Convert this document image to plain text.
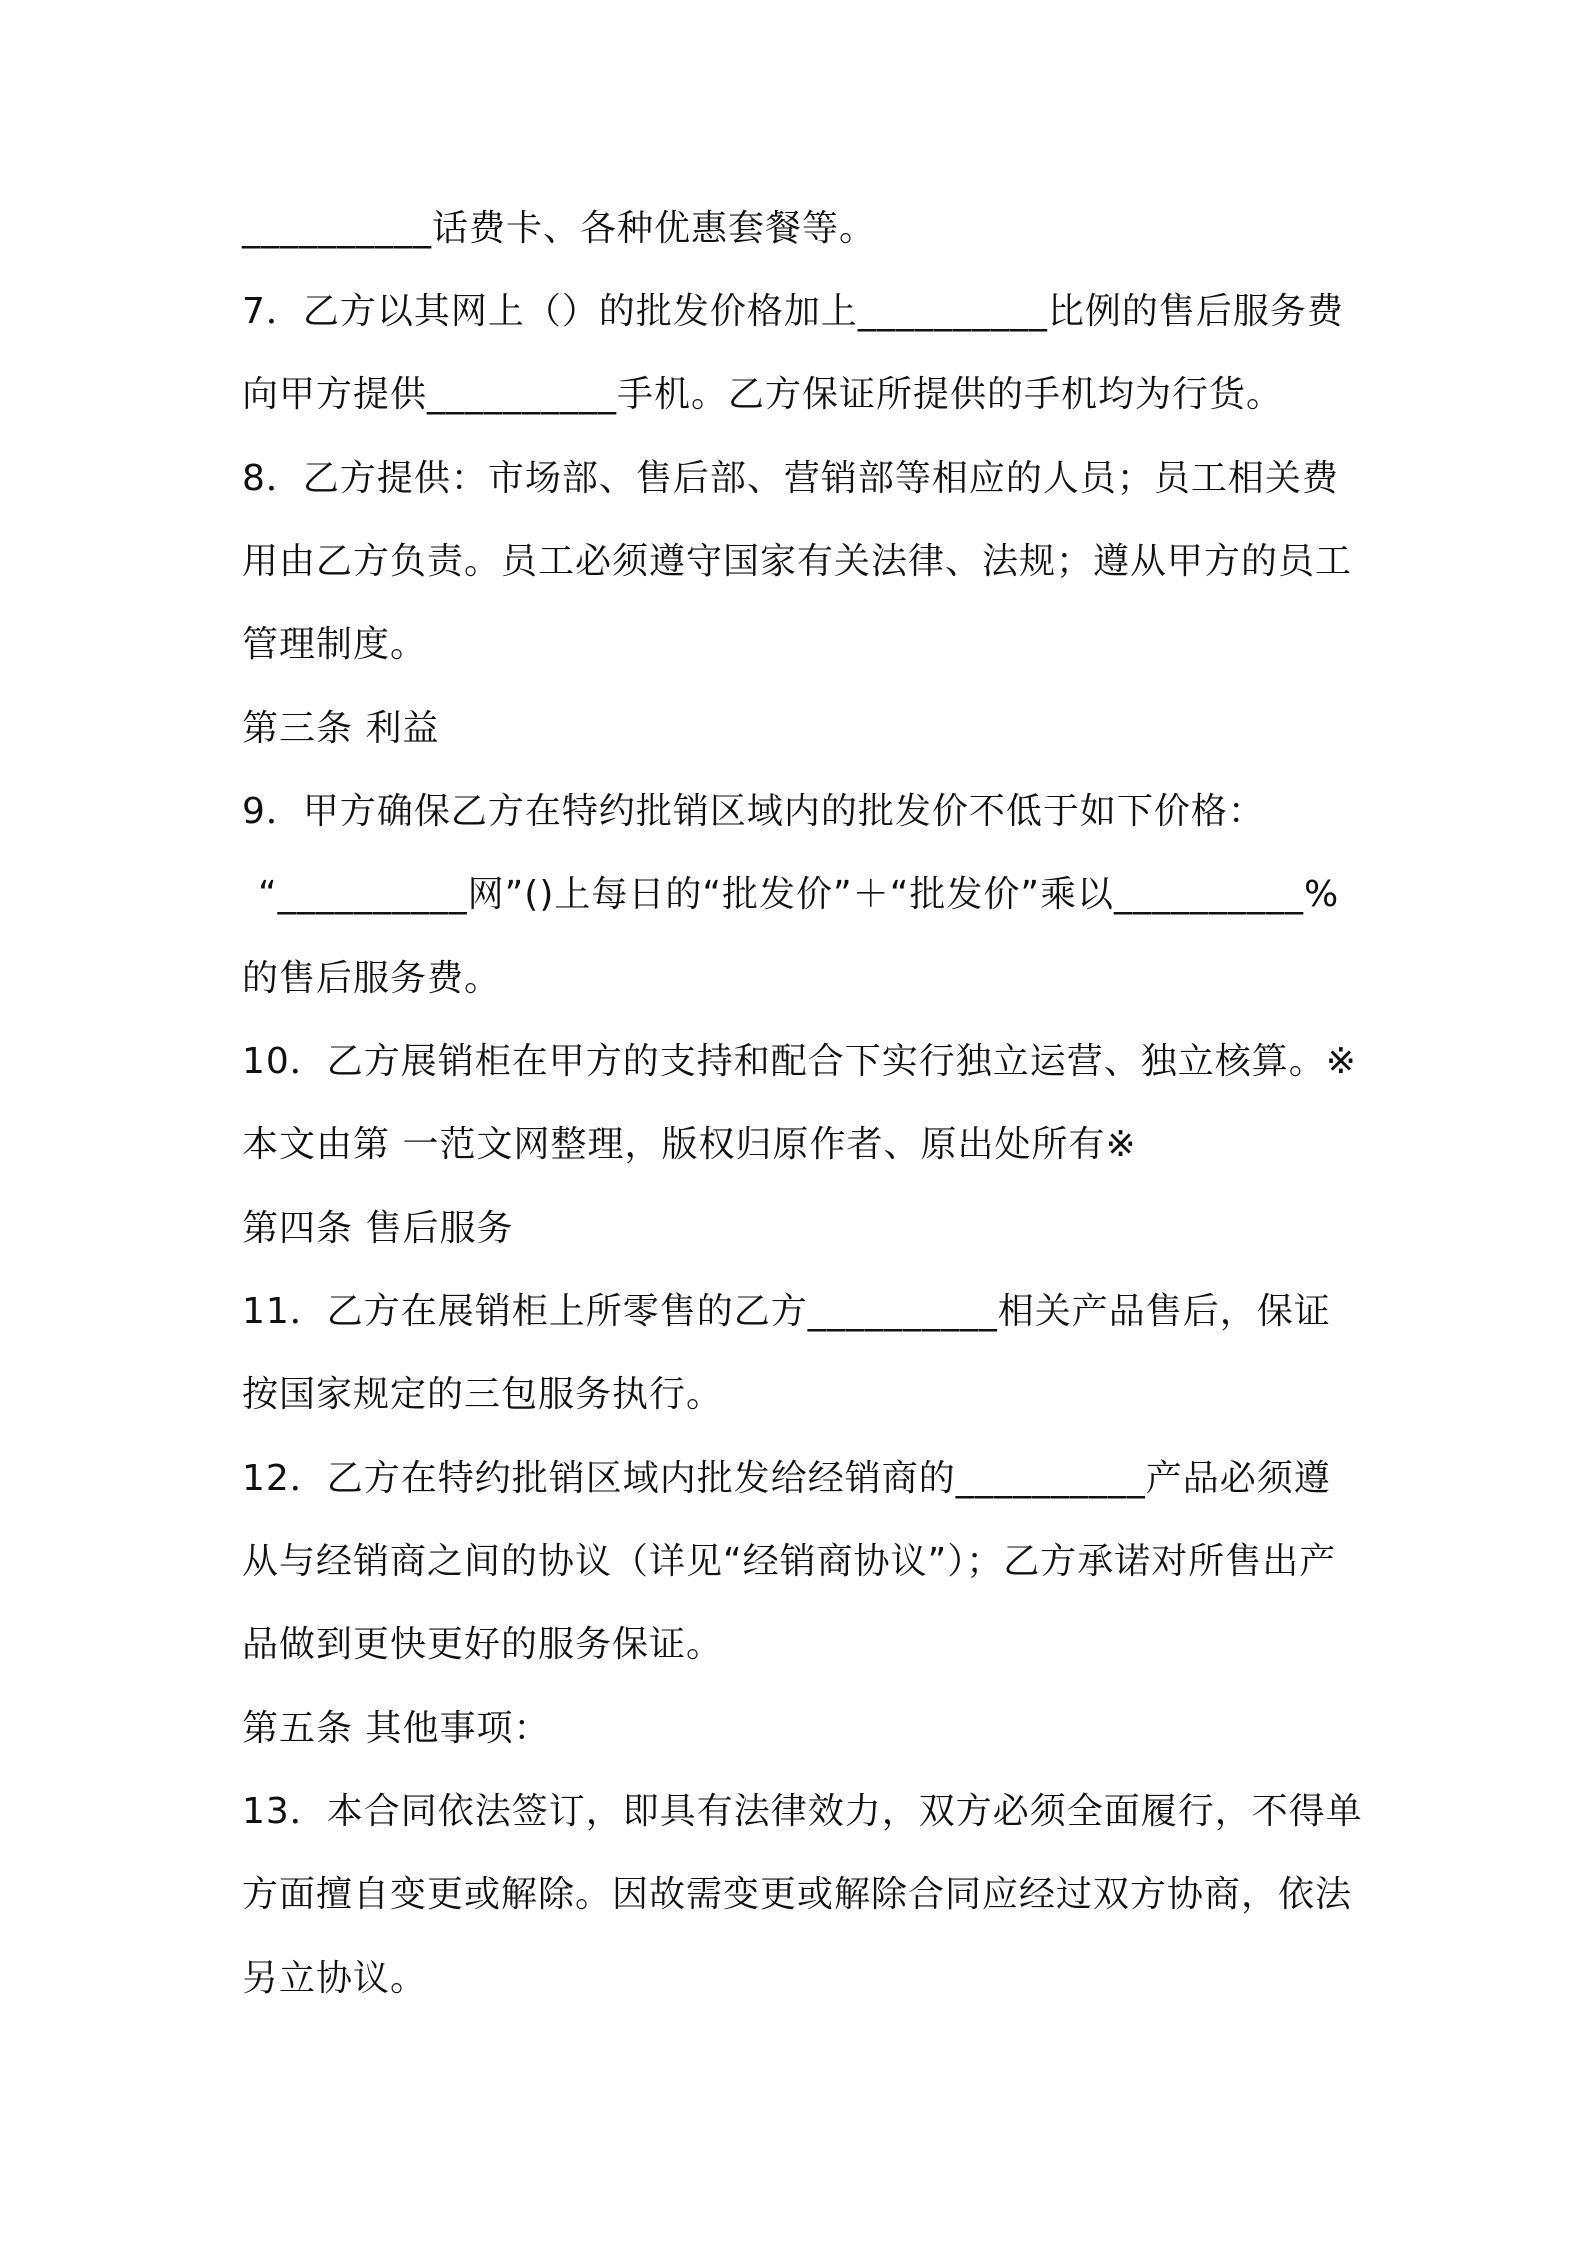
__________话费卡、各种优惠套餐等。
7．乙方以其网上（）的批发价格加上__________比例的售后服务费
向甲方提供__________手机。乙方保证所提供的手机均为行货。
8．乙方提供：市场部、售后部、营销部等相应的人员；员工相关费
用由乙方负责。员工必须遵守国家有关法律、法规；遵从甲方的员工
管理制度。
第三条 利益
9．甲方确保乙方在特约批销区域内的批发价不低于如下价格：
“__________网”()上每日的“批发价”＋“批发价”乘以__________%
的售后服务费。
10．乙方展销柜在甲方的支持和配合下实行独立运营、独立核算。※
本文由第 一范文网整理，版权归原作者、原出处所有※
第四条 售后服务
11．乙方在展销柜上所零售的乙方__________相关产品售后，保证
按国家规定的三包服务执行。
12．乙方在特约批销区域内批发给经销商的__________产品必须遵
从与经销商之间的协议（详见“经销商协议”）；乙方承诺对所售出产
品做到更快更好的服务保证。
第五条 其他事项：
13．本合同依法签订，即具有法律效力，双方必须全面履行，不得单
方面擅自变更或解除。因故需变更或解除合同应经过双方协商，依法
另立协议。
